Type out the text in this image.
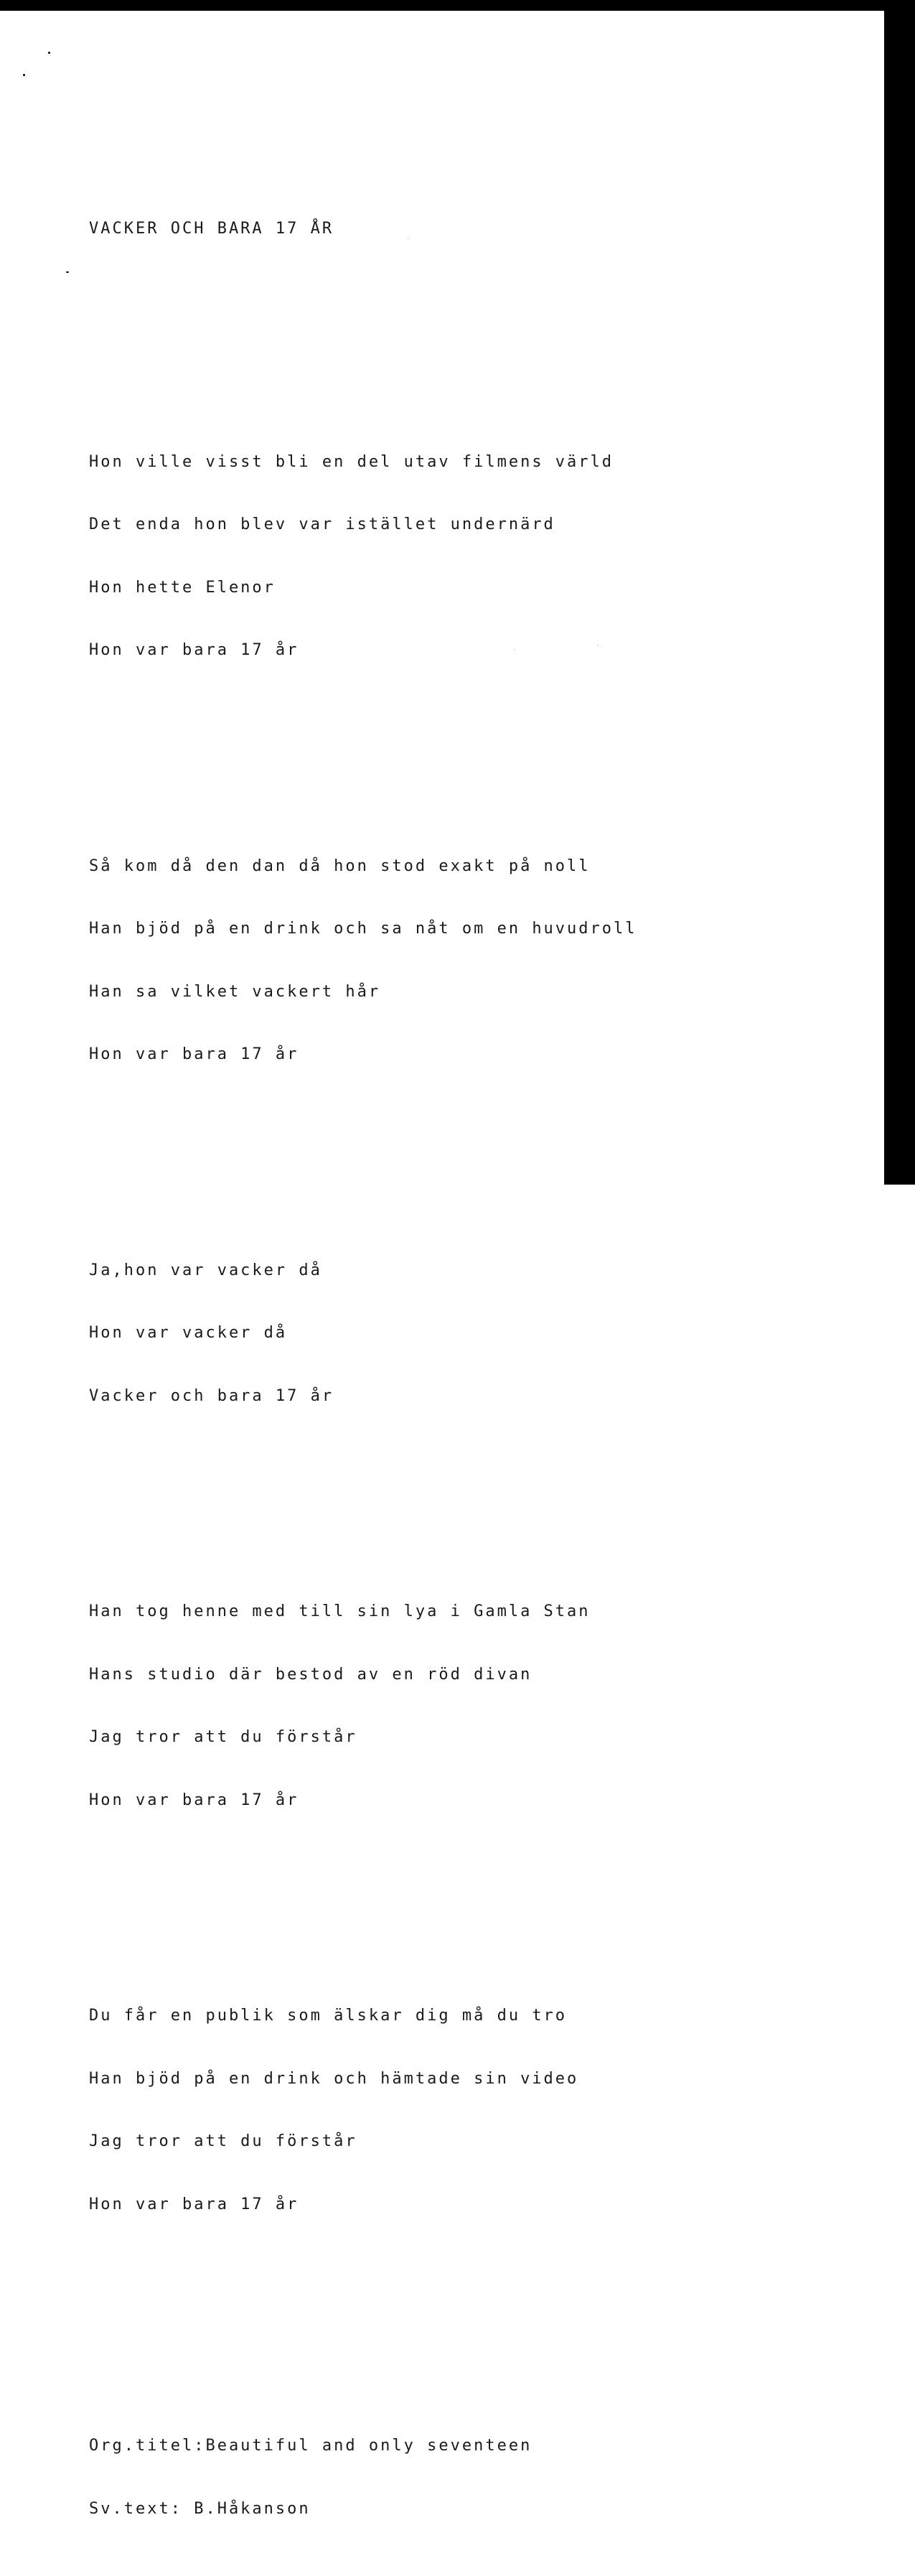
VACKER OCH BARA 17 ÅR

Hon ville visst bli en del utav filmens värld

Det enda hon blev var istället undernärd

Hon hette Elenor

Hon var bara 17 år

Så kom då den dan då hon stod exakt på noll

Han bjöd på en drink och sa nåt om en huvudroll

Han sa vilket vackert hår

Hon var bara 17 år

Ja,hon var vacker då

Hon var vacker då

Vacker och bara 17 år

Han tog henne med till sin lya i Gamla Stan

Hans studio där bestod av en röd divan

Jag tror att du förstår

Hon var bara 17 år

Du får en publik som älskar dig må du tro

Han bjöd på en drink och hämtade sin video

Jag tror att du förstår

Hon var bara 17 år

Org.titel:Beautiful and only seventeen

Sv.text: B.Håkanson
